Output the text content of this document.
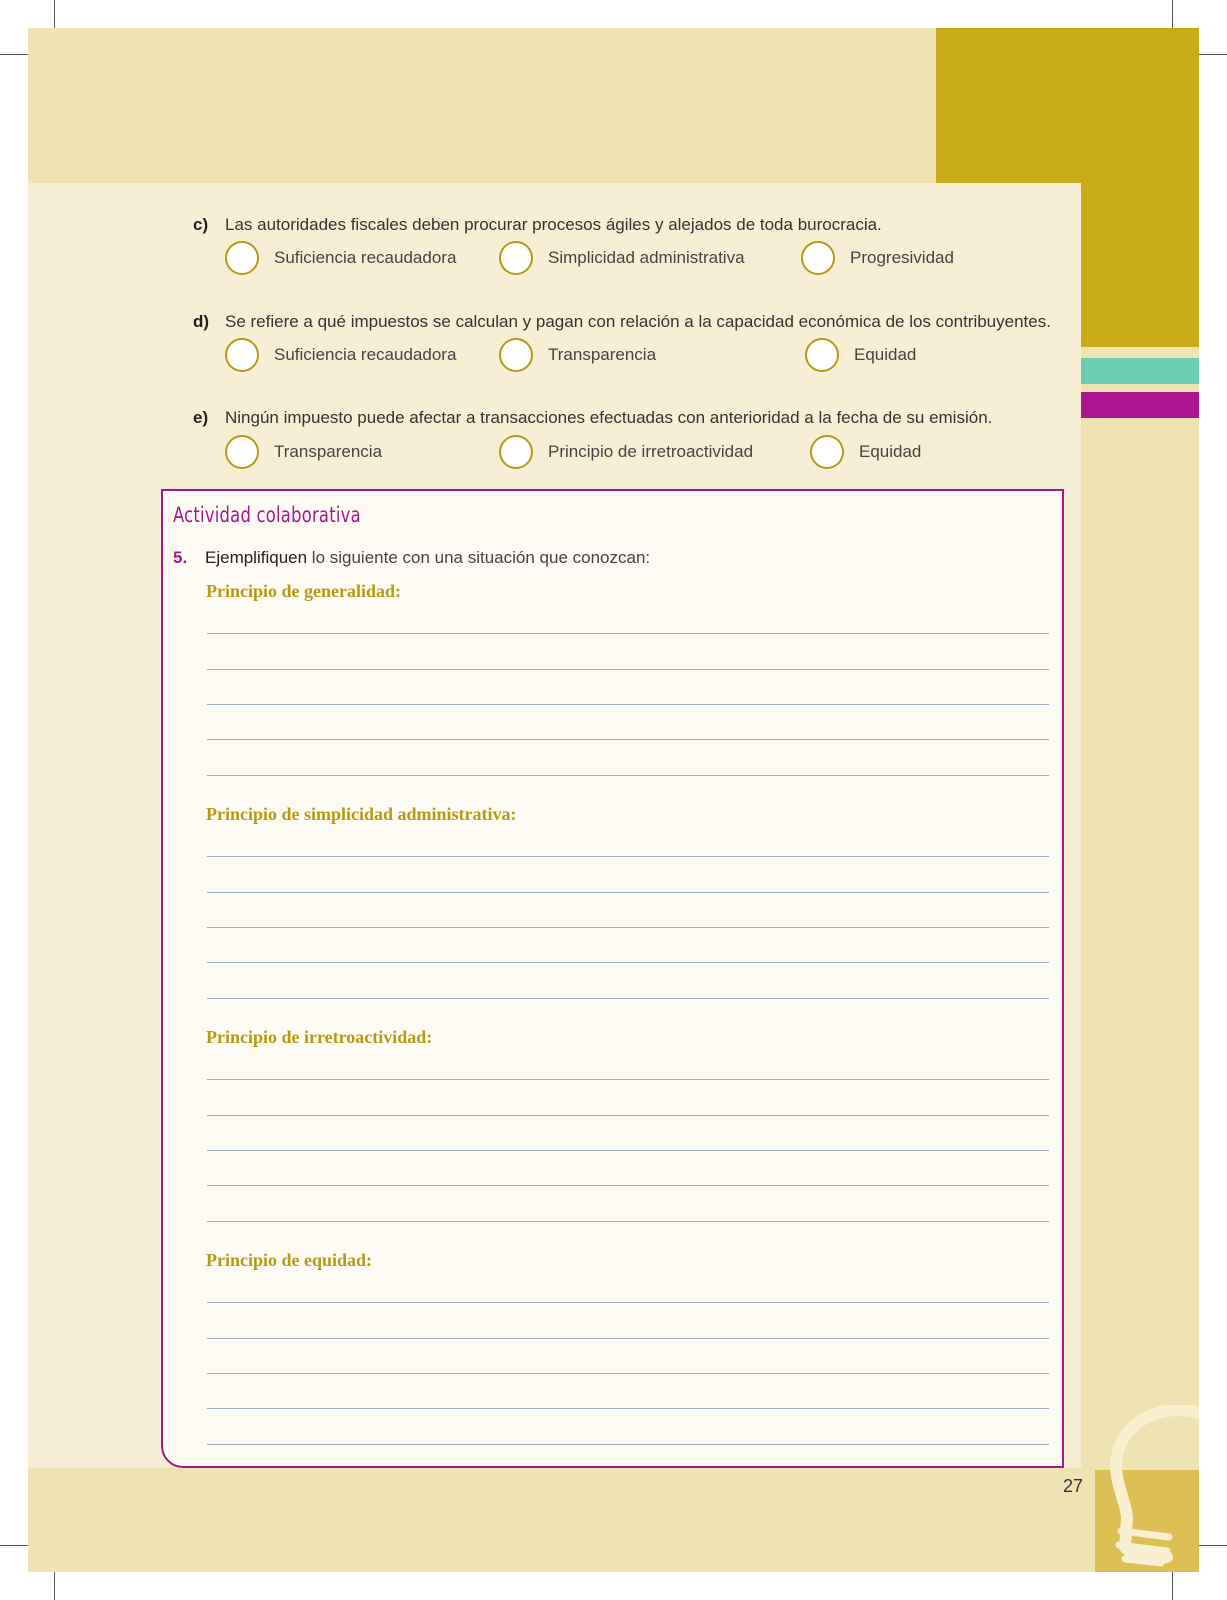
c) Las autoridades fiscales deben procurar procesos ágiles y alejados de toda burocracia.
Suficiencia recaudadora	Simplicidad administrativa	Progresividad
d) Se refiere a qué impuestos se calculan y pagan con relación a la capacidad económica de los contribuyentes.
Suficiencia recaudadora	Transparencia	Equidad
e) Ningún impuesto puede afectar a transacciones efectuadas con anterioridad a la fecha de su emisión.
Transparencia	Principio de irretroactividad	Equidad
Actividad colaborativa
5. Ejemplifiquen lo siguiente con una situación que conozcan:
Principio de generalidad:
Principio de simplicidad administrativa:
Principio de irretroactividad:
Principio de equidad:
27
